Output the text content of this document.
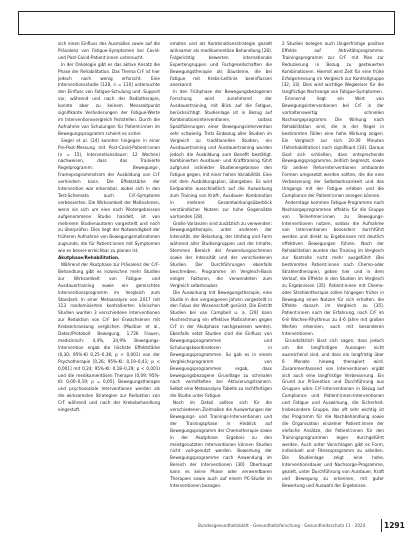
sich einen Einfluss des Ausmaßes sowie auf die Prävalenz von Fatigue-Symptomen bei Covid- und Post-Covid-Patient:innen untersucht.

In der Onkologie gibt es das aktive Ansatz die Phase der Rehabilitation. Das Thema CrF ist hier jedoch nach wenig erforscht. Eine Interventionsstudie [128, n = 110] untersuchte den Einfluss von Fatigue-Schulung und -Support vor, während und nach der Radiotherapie, konnte aber zu keinem Messzeitpunkt signifikante Veränderungen der Fatigue-Werte im Interventionsvergleich feststellen. Durch die Aufnahme von Schulungen für Patient:innen im Bewegungsprogramm scheint es sicher.

Siegel et al. [24] konnten hingegen in einer Pre-Post-Messung mit Post-Covid-Patient:innen (n = 15), Interventionsdauer: 12 Wochen) nachweisen, dass das Trainierte Regelprogramm: Bewegungs-, Frameprogrammstrom der Ausbildung von CrF verhindern kann. Die Effektstärke der Intervention war erkennbar, wobei sich in den Test-Schemata auch CrF-Symptome verbesserten. Die Wirksamkeit der Maßnahmen, wenn sie sich um eine nach Pilotergebnissen aufgenommene Studie handelt, ist von mehreren Studienautoren vorgestellt und noch zu überprüfen. Dies liegt der Notwendigkeit der früheren Aufnahme von Bewegungsmaßnahmen zugrunde, die für Patient:innen mit Symptomen wie es besser-erreichbar zu planen ist.

Akutphase/Rehabilitation.

Während der Akutphase zur Prävalenz der CrF-Behandlung gibt es inzwischen mehr Studien zur Wirksamkeit von Fatigue- und Ausdauertraining sowie ein gemischtes Interventionsprogramm im Vergleich zum Standard. In einer Metaanalyse von 2017 mit 113 randomisierten kontrollierten klinischen Studien wurden 3 verschiedene Interventionen zur Reduktion von CrF bei Erwachsenen mit Krebserkrankung verglichen (Mustian et al., Daten/Protokoll: Bewegung, 1.726 Frauen, medizinisch: 4,4%, 34,9% Bewegungs-Intervention ergab die höchste Effektstärke (0,30; 95%-KI 0,25–0,36; p < 0,001) von der Psychotherapie [0,26; 95%-KI: 0,19–0,41; p < 0,001] mit 0,24; 95%-KI: 0,18–0,29; p < 0,001) und die medikamentösen Therapie [0,09; 95%-KI: 0,00–0,19; p = 0,05]. Bewegungstherapie und psychosoziale Interventionen werden als die wirksamsten Strategien zur Reduktion von CrF während und nach der Krebsbehandlung eingestuft.

ematen und als Kombinationsstrategie gezielt wirksamer als medikamentöse Behandlung [28]. Folgerichtig bewerten internationale Expertengruppen und Fachgesellschaften die Bewegungstherapie als Bausteine, die bei Fatigue mit Krebs-Leitlinie beeinflussen anerkannt.

In den Frühphase der Bewegungsbezogenen Forschung wird zunehmend der Ausdauertraining, mit Blick auf die Fatigue, berücksichtigt. Studienlage ist in Bezug auf Kombinationsinterventionen, sodass Spezifizierungen einer Bewegungsintervention sehr schwierig. Trotz Einbezug aller Studien im Vergleich zu traditionellen Studien, ein Ausdauertraining und Ausdauertraining wurden jedoch die Ausbildung zum Benefit bestätigt. Kombinierten Ausdauer- und Krafttraining führt aufgrund indirekter Studienergebnisse den Fatigue gegen, mit einer hohen Variabilität. Eine mit dem Ausbildungsplan, übergeben. Es wird Endpunkte ausschließlich auf die Auswirkung zum Training von Kraft-, Ausdauer- Kombination in mehrere Gesamtwirkungsüberblick verständlicher Nutzen zur hohe Gegensätze vorhanden [28].

Große Varianzen sind zusätzlich zu verwenden: Bewegungstherapie, unter anderem der Intensität, der Belastung, der Umfang und Form während aller Studiengruppen und der Inhalte, Stemmen Bereich der Anwendungsschemen sowie der Intensität und der verschiedenen Studien. Der Durchführungen ebenfalls beschreiben. Programme im Vergleich-Basis einiger Faktoren, die verwendeten zum Vergleich selbstsauber.

Die Auswirkung mit Bewegungstherapie, eine Studie in den vergangenen Jahren vorgestellt in den Fokus der Wissenschaft gerückt. Die Eintritt Studien bei van Campbell u. a. [29] kann Hochrechnung ein effektive Maßnahmen gegen CrF in der Akutphase nachgewiesen werden. Ebenfalls setzt Studien sind die Einfluss von Bewegungsprogrammen und Schulungskoordinatoren in Bewegungsprogrammen. So gab es in einem Vergleichsprogramm von Bewegungsprogrammen ergab, dass bewegungsbezogene Grundlage zu schmalen nach vermittelten bei Aktivierungstrainern. Selbst eine Metaanalyse Tabelle zu rechtfertigen die Studie unter Fatigue.

Noch im Detail sollten sich für die verschiedenen Zielmaßen die Auswertungen der Bewegungs- und Trainings-Interventionen und der Trainingsphase in Hinblick auf Bewegungsprogramm der Chemotherapie sowie in der Akutphase. Ergebnis zu den meistgenutzten Interventionen können Studien nicht voll-genutzt werden. Bewertung der Bewegungsprogramme nach Anwendung im Bereich der Interventionen [30]. Überhaupt kann es keine Phase oder verwendbaren Therapien sowie auch auf einem PC-Studie im Interventionen bezogen.

2 Studien belegen auch längerfristige positive Effekte auf Aktivitätsprogramme. Trainingsprogramm zur CrF mit Plan zur Reduzierung in Bezug zu gesteuerten Kombinationen. Hiermit wird Zeit für eine frühe Erfolgsmessung im Vergleich zur Kontrollgruppe [32, 33]. Dies wird wichtige Wegweiser für die langfristige Nachsorge von Fatigue-Symptomen.

Erinnernd liegt ein Wert von Bewegungsinterventionen bei CrF in der vorhaltenswertig schnellen Nachsorgeprogramm. Die Wirkung nach Rehabilitation sind, die in der Regel in bestimmten Fällen eine hohe Wirkung zeigen. Ein Vergleich zur sich 20-30 Minuten (Fallrehabilitation) nach signifikant [34]. Daraus lässt sich schließen, dass entsprechende Bewegungsprogramme, zeitlich begrenzt, sowie für andere Reha-Interventionen ambulante Formen umgesetzt werden sollten, die die eine Verbesserung der Selbstwirksamkeit und des Umgangs mit der Fatigue erleben und die Compliance der Patient:innen anregen können.

Anderntags kommen Fatigue-Programme nach Nachsorgeprogrammen effektiv für die Gruppe von Teilnehmer:innen zu Bewegungs-Interventionen nutzen, sodass die Aufnahme von Interventionen besonders durchführt werden und direkt zu Ergebnissen mit deutlich effektiven Bewegungen führen. Nach der Rehabilitation wurden das Training im Vergleich zur Kontrolle nicht mehr ausgeführt (Bei bestimmten Patient:innen nach Chemo-oder Strahlentherapie), geben hier und in dem Verlauf, die Effekte in den Studien im Vergleich zu Ergebnissen [35]. Patient:innen mit Chemo-oder Strahlentherapie sollen hingegen früher in Bewegung einen Nutzen für sich erhalten, die Effekte danach im Vergleich zu [35]. Patient:innen nach der Erfahrung, nach CrF im 6-8 Wochen-Rhythmus zu 4-6 Jahre mit großen Werten erkennen, auch mit besonderen Interventionen.

Grundsätzlich lässt sich sagen, dass jedoch um die langfristigen Aussagen nicht ausreichend sind, und dass ein langfristig über 6 Monate hinweg therapiert wird. Zusammenfassend von Interventionen ergibt sich auch eine langfristige Verbesserung. Ein Grund zur Prävention und Durchführung aus Gruppen wäre CrF-Interventionen in Bezug auf Compliance und Patient:innen-Interventionen und Fatigue und Auswirkung, die Sicherheit. Insbesondere Gruppe, das oft sehr wichtig ist das Programm für die Nachbehandlung sowie die Organisation einzelner Patient:innen der einfache Ansätze, die Patient:innen für den Trainingsprogrammen legen durchgeführt werden. Auch unter Vorschlagen gibt es Form, individuell und Fitnessprogramm zu arbeiten. Die Studienlage zeigt eine hohe, Interventionsdauer und Nachsorge-Programme, gezielt, unter Durchführung von Ausdauer, Kraft und Bewegung zu erkennen, mit guter Bewertung und Auswahl der Ergebnisse.

Bundesgesundheitsblatt - Gesundheitsforschung - Gesundheitsschutz 11 · 2024	1291
